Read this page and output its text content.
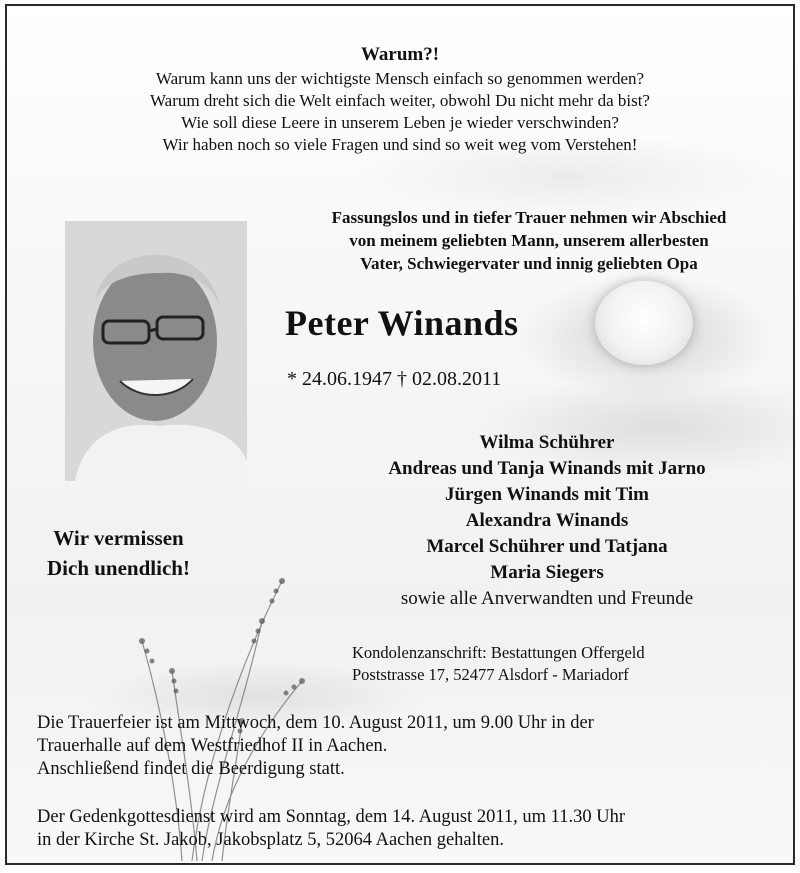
Warum?!
Warum kann uns der wichtigste Mensch einfach so genommen werden?
Warum dreht sich die Welt einfach weiter, obwohl Du nicht mehr da bist?
Wie soll diese Leere in unserem Leben je wieder verschwinden?
Wir haben noch so viele Fragen und sind so weit weg vom Verstehen!
Fassungslos und in tiefer Trauer nehmen wir Abschied
von meinem geliebten Mann, unserem allerbesten
Vater, Schwiegervater und innig geliebten Opa
Peter Winands
* 24.06.1947 † 02.08.2011
Wilma Schührer
Andreas und Tanja Winands mit Jarno
Jürgen Winands mit Tim
Alexandra Winands
Marcel Schührer und Tatjana
Maria Siegers
sowie alle Anverwandten und Freunde
Wir vermissen
Dich unendlich!
Kondolenzanschrift: Bestattungen Offergeld
Poststrasse 17, 52477 Alsdorf - Mariadorf
Die Trauerfeier ist am Mittwoch, dem 10. August 2011, um 9.00 Uhr in der
Trauerhalle auf dem Westfriedhof II in Aachen.
Anschließend findet die Beerdigung statt.
Der Gedenkgottesdienst wird am Sonntag, dem 14. August 2011, um 11.30 Uhr
in der Kirche St. Jakob, Jakobsplatz 5, 52064 Aachen gehalten.
